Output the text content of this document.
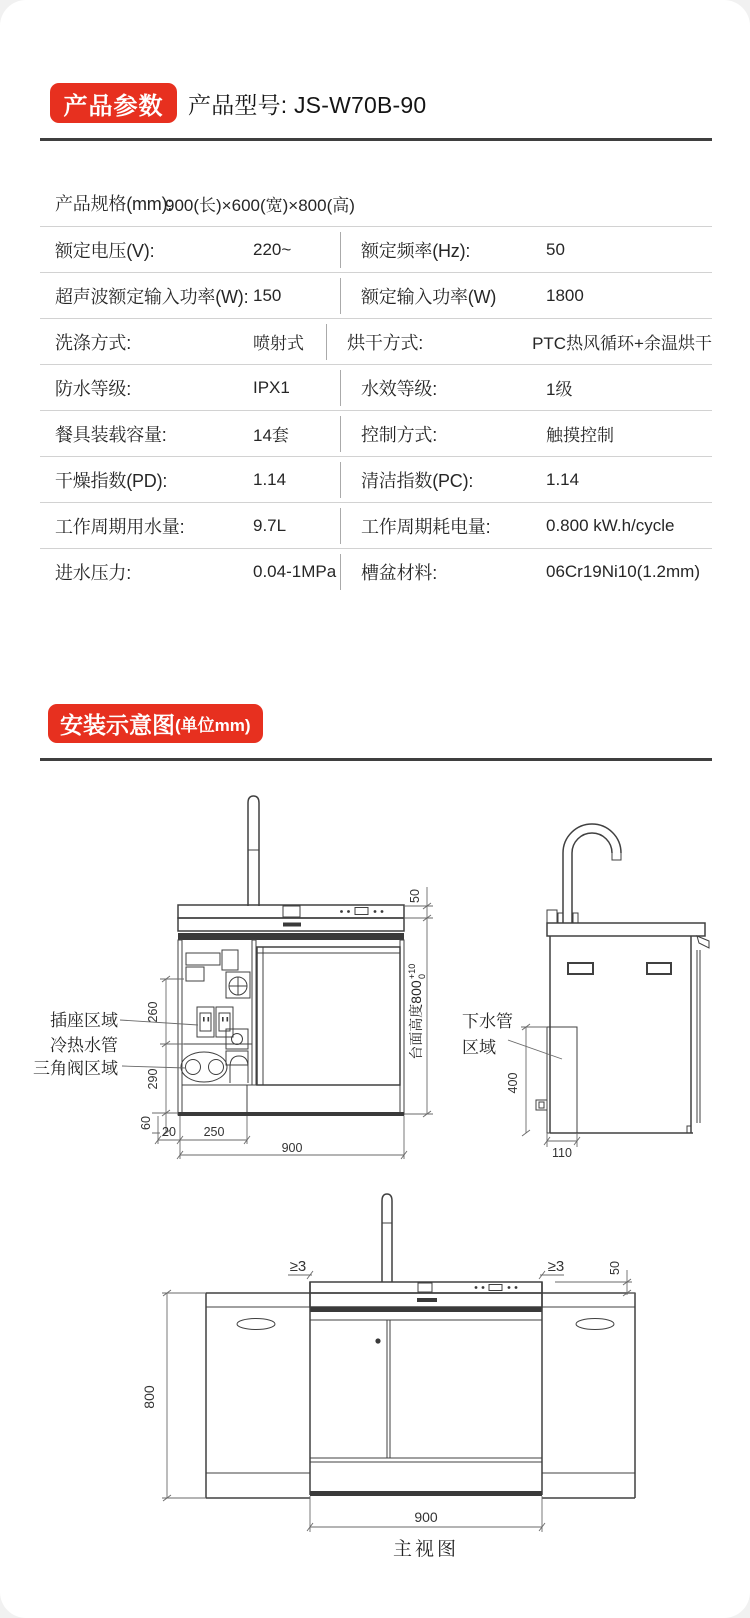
产品参数 产品型号: JS-W70B-90
产品规格(mm):
900(长)×600(宽)×800(高)
额定电压(V):	220~	额定频率(Hz):	50
超声波额定输入功率(W): 150	额定输入功率(W)	1800
洗涤方式:	喷射式	烘干方式:	PTC热风循环+余温烘干
防水等级:	IPX1	水效等级:	1级
餐具装载容量:	14套	控制方式:	触摸控制
干燥指数(PD):	1.14	清洁指数(PC):	1.14
工作周期用水量:	9.7L	工作周期耗电量:	0.800 kW.h/cycle
进水压力:	0.04-1MPa	槽盆材料:	06Cr19Ni10(1.2mm)
安装示意图 (单位mm)
插座区域
冷热水管
三角阀区域
260
290
60
20 250
900
50
台面高度800
+10 0
400
110
下水管
区域
≥3	≥3	50
800
900
主视图
